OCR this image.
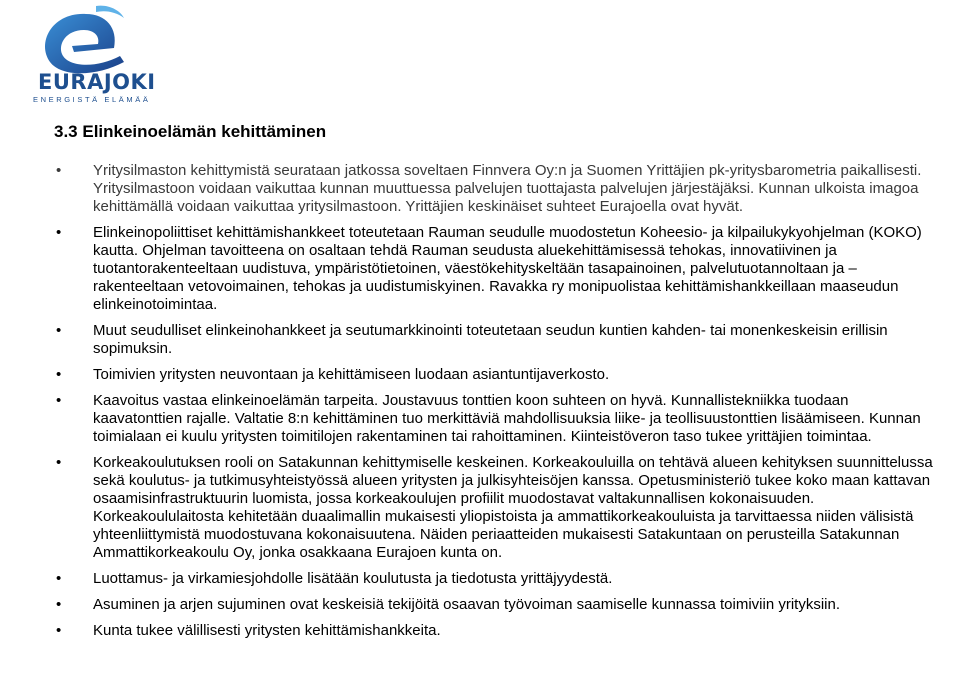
EURAJOKI
ENERGISTÄ ELÄMÄÄ
3.3 Elinkeinoelämän kehittäminen
• Yritysilmaston kehittymistä seurataan jatkossa soveltaen Finnvera Oy:n ja Suomen Yrittäjien pk-yritysbarometria paikallisesti. Yritysilmastoon voidaan vaikuttaa kunnan muuttuessa palvelujen tuottajasta palvelujen järjestäjäksi. Kunnan ulkoista imagoa kehittämällä voidaan vaikuttaa yritysilmastoon. Yrittäjien keskinäiset suhteet Eurajoella ovat hyvät.
• Elinkeinopoliittiset kehittämishankkeet toteutetaan Rauman seudulle muodostetun Koheesio- ja kilpailukykyohjelman (KOKO) kautta. Ohjelman tavoitteena on osaltaan tehdä Rauman seudusta aluekehittämisessä tehokas, innovatiivinen ja tuotantorakenteeltaan uudistuva, ympäristötietoinen, väestökehityskeltään tasapainoinen, palvelutuotannoltaan ja –rakenteeltaan vetovoimainen, tehokas ja uudistumiskyinen. Ravakka ry monipuolistaa kehittämishankkeillaan maaseudun elinkeinotoimintaa.
• Muut seudulliset elinkeinohankkeet ja seutumarkkinointi toteutetaan seudun kuntien kahden- tai monenkeskeisin erillisin sopimuksin.
• Toimivien yritysten neuvontaan ja kehittämiseen luodaan asiantuntijaverkosto.
• Kaavoitus vastaa elinkeinoelämän tarpeita. Joustavuus tonttien koon suhteen on hyvä. Kunnallistekniikka tuodaan kaavatonttien rajalle. Valtatie 8:n kehittäminen tuo merkittäviä mahdollisuuksia liike- ja teollisuustonttien lisäämiseen. Kunnan toimialaan ei kuulu yritysten toimitilojen rakentaminen tai rahoittaminen. Kiinteistöveron taso tukee yrittäjien toimintaa.
• Korkeakoulutuksen rooli on Satakunnan kehittymiselle keskeinen. Korkeakouluilla on tehtävä alueen kehityksen suunnittelussa sekä koulutus- ja tutkimusyhteistyössä alueen yritysten ja julkisyhteisöjen kanssa. Opetusministeriö tukee koko maan kattavan osaamisinfrastruktuurin luomista, jossa korkeakoulujen profiilit muodostavat valtakunnallisen kokonaisuuden. Korkeakoululaitosta kehitetään duaalimallin mukaisesti yliopistoista ja ammattikorkeakouluista ja tarvittaessa niiden välisistä yhteenliittymistä muodostuvana kokonaisuutena. Näiden periaatteiden mukaisesti Satakuntaan on perusteilla Satakunnan Ammattikorkeakoulu Oy, jonka osakkaana Eurajoen kunta on.
• Luottamus- ja virkamiesjohdolle lisätään koulutusta ja tiedotusta yrittäjyydestä.
• Asuminen ja arjen sujuminen ovat keskeisiä tekijöitä osaavan työvoiman saamiselle kunnassa toimiviin yrityksiin.
• Kunta tukee välillisesti yritysten kehittämishankkeita.
